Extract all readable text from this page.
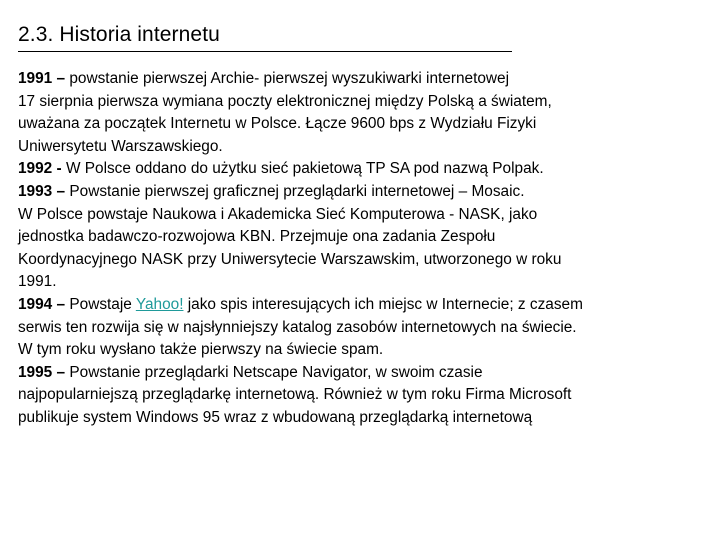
2.3. Historia internetu
1991 – powstanie pierwszej Archie- pierwszej wyszukiwarki internetowej
17 sierpnia pierwsza wymiana poczty elektronicznej między Polską a światem,
uważana za początek Internetu w Polsce. Łącze 9600 bps z Wydziału Fizyki
Uniwersytetu Warszawskiego.
1992 - W Polsce oddano do użytku sieć pakietową TP SA pod nazwą Polpak.
1993 – Powstanie pierwszej graficznej przeglądarki internetowej – Mosaic.
W Polsce powstaje Naukowa i Akademicka Sieć Komputerowa - NASK, jako
jednostka badawczo-rozwojowa KBN. Przejmuje ona zadania Zespołu
Koordynacyjnego NASK przy Uniwersytecie Warszawskim, utworzonego w roku
1991.
1994 – Powstaje Yahoo! jako spis interesujących ich miejsc w Internecie; z czasem
serwis ten rozwija się w najsłynniejszy katalog zasobów internetowych na świecie.
W tym roku wysłano także pierwszy na świecie spam.
1995 – Powstanie przeglądarki Netscape Navigator, w swoim czasie
najpopularniejszą przeglądarkę internetową. Również w tym roku Firma Microsoft
publikuje system Windows 95 wraz z wbudowaną przeglądarką internetową
